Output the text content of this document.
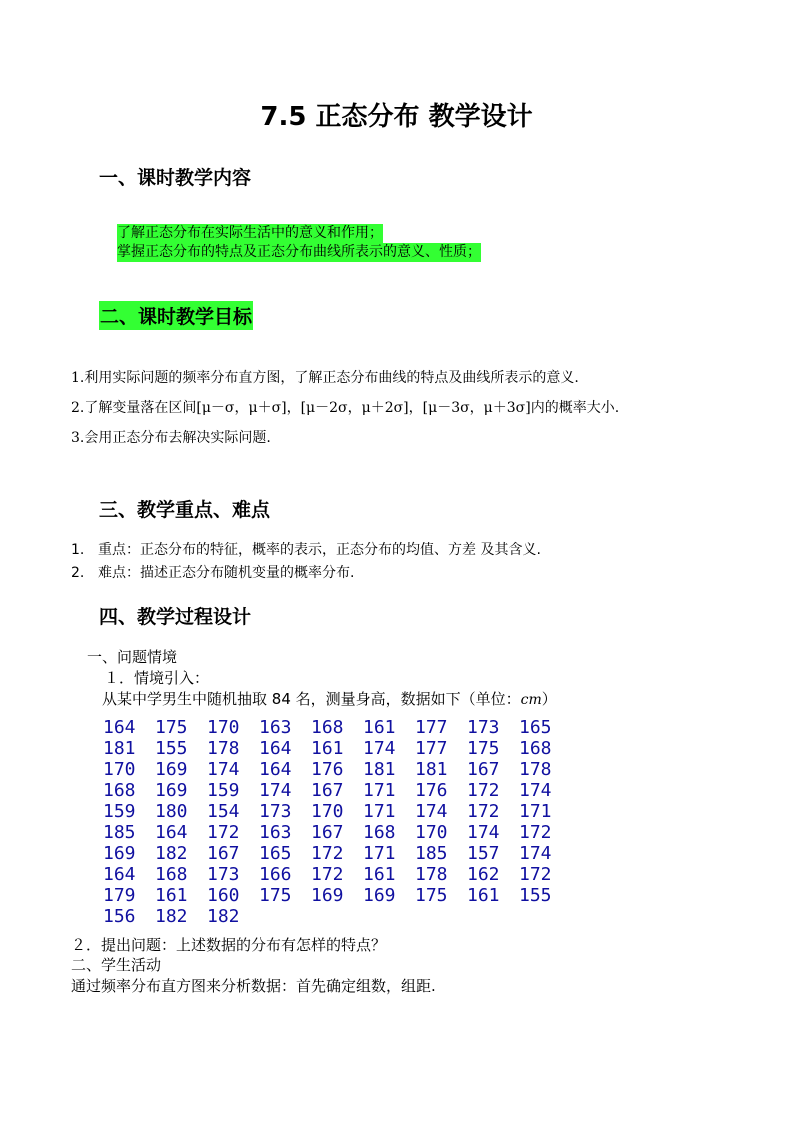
7.5 正态分布 教学设计
一、课时教学内容
了解正态分布在实际生活中的意义和作用；
掌握正态分布的特点及正态分布曲线所表示的意义、性质；
二、课时教学目标
1.利用实际问题的频率分布直方图，了解正态分布曲线的特点及曲线所表示的意义.
2.了解变量落在区间[μ－σ，μ＋σ]，[μ－2σ，μ＋2σ]，[μ－3σ，μ＋3σ]内的概率大小.
3.会用正态分布去解决实际问题.
三、教学重点、难点
1. 重点：正态分布的特征，概率的表示，正态分布的均值、方差 及其含义.
2. 难点：描述正态分布随机变量的概率分布.
四、教学过程设计
一、问题情境
１．情境引入：
从某中学男生中随机抽取 84 名，测量身高，数据如下（单位：cm）
164	175	170	163	168	161	177	173	165
181	155	178	164	161	174	177	175	168
170	169	174	164	176	181	181	167	178
168	169	159	174	167	171	176	172	174
159	180	154	173	170	171	174	172	171
185	164	172	163	167	168	170	174	172
169	182	167	165	172	171	185	157	174
164	168	173	166	172	161	178	162	172
179	161	160	175	169	169	175	161	155
156	182	182						
２．提出问题：上述数据的分布有怎样的特点？
二、学生活动
通过频率分布直方图来分析数据：首先确定组数，组距.
